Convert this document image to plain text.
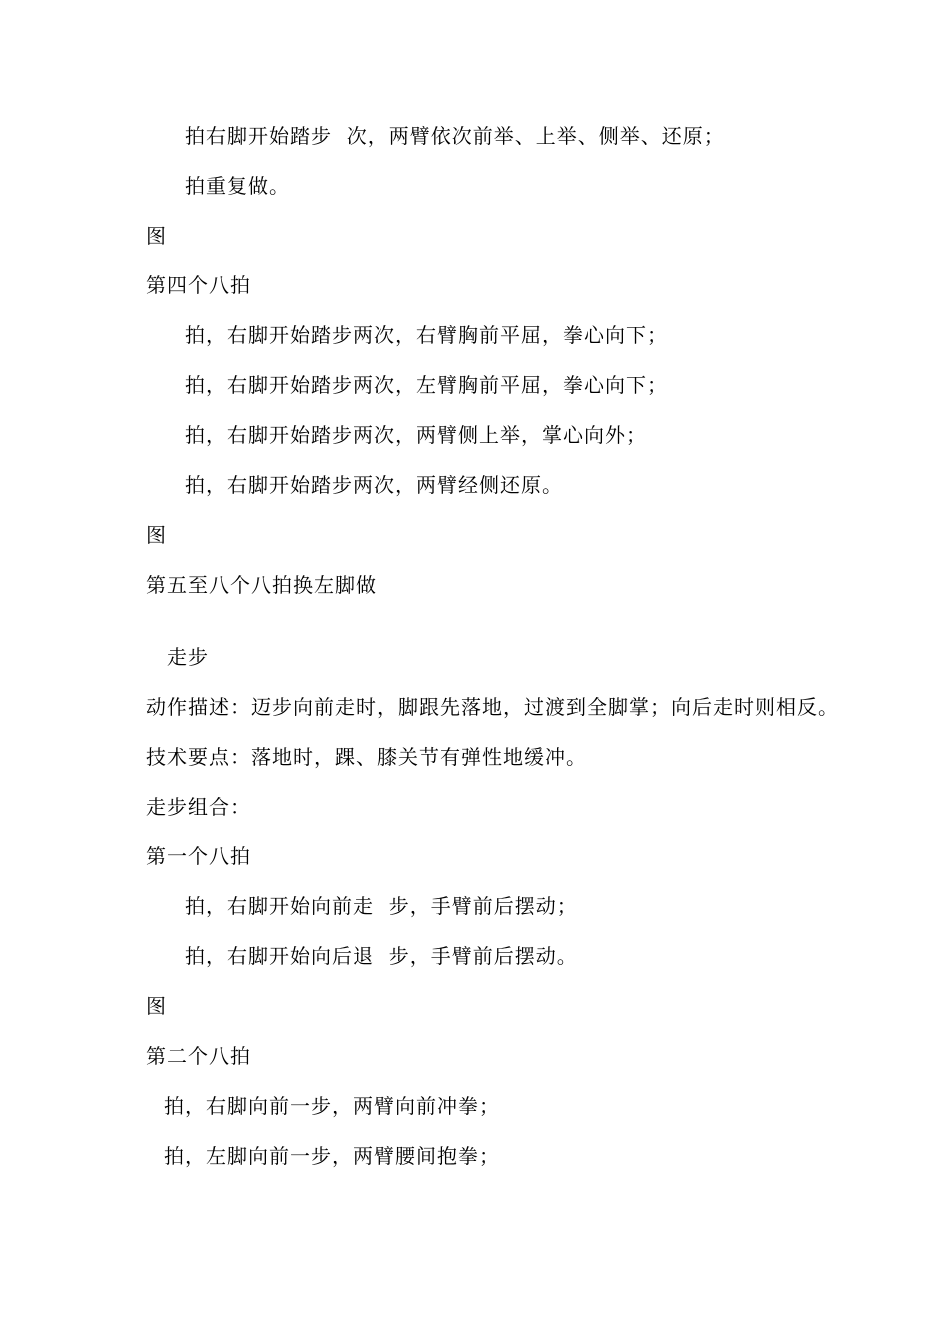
拍右脚开始踏步  次，两臂依次前举、上举、侧举、还原；
拍重复做。
图
第四个八拍
拍，右脚开始踏步两次，右臂胸前平屈，拳心向下；
拍，右脚开始踏步两次，左臂胸前平屈，拳心向下；
拍，右脚开始踏步两次，两臂侧上举，掌心向外；
拍，右脚开始踏步两次，两臂经侧还原。
图
第五至八个八拍换左脚做
走步
动作描述：迈步向前走时，脚跟先落地，过渡到全脚掌；向后走时则相反。
技术要点：落地时，踝、膝关节有弹性地缓冲。
走步组合：
第一个八拍
拍，右脚开始向前走  步，手臂前后摆动；
拍，右脚开始向后退  步，手臂前后摆动。
图
第二个八拍
拍，右脚向前一步，两臂向前冲拳；
拍，左脚向前一步，两臂腰间抱拳；
